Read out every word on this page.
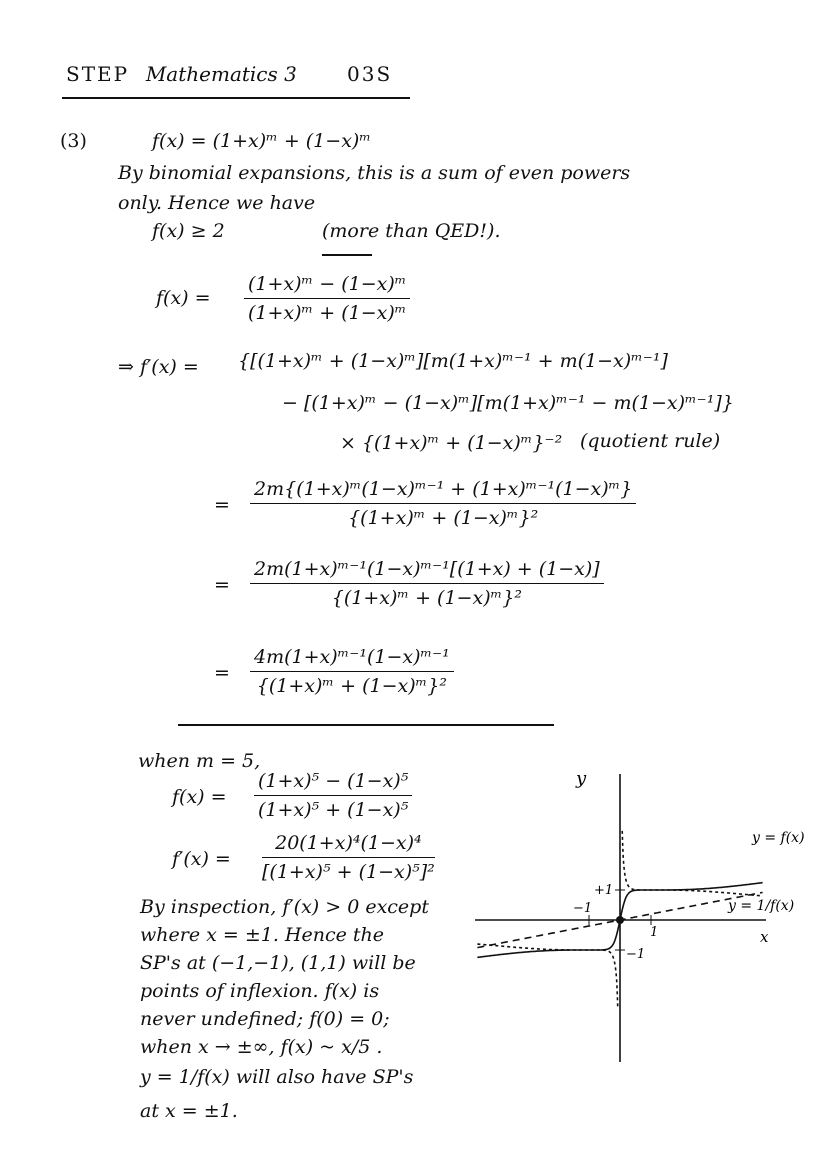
STEP Mathematics 3	03S
(3)	f(x) = (1+x)ᵐ + (1−x)ᵐ
By binomial expansions, this is a sum of even powers
only. Hence we have
f(x) ≥ 2	(more than QED!).
$f(x) = \frac{\text{(1+x)ᵐ − (1−x)ᵐ}}{\text{(1+x)ᵐ + (1−x)ᵐ}}$
⇒ f′(x) = {[(1+x)ᵐ + (1−x)ᵐ][m(1+x)ᵐ⁻¹ + m(1−x)ᵐ⁻¹]
− [(1+x)ᵐ − (1−x)ᵐ][m(1+x)ᵐ⁻¹ − m(1−x)ᵐ⁻¹]}
× {(1+x)ᵐ + (1−x)ᵐ}⁻² (quotient rule)
= $\frac{\text{2m\{(1+x)ᵐ(1−x)ᵐ⁻¹ + (1+x)ᵐ⁻¹(1−x)ᵐ\}}}{\text{\{(1+x)ᵐ + (1−x)ᵐ\}²}}$
= $\frac{\text{2m(1+x)ᵐ⁻¹(1−x)ᵐ⁻¹[(1+x) + (1−x)]}}{\text{\{(1+x)ᵐ + (1−x)ᵐ\}²}}$
= $\frac{\text{4m(1+x)ᵐ⁻¹(1−x)ᵐ⁻¹}}{\text{\{(1+x)ᵐ + (1−x)ᵐ\}²}}$
when m = 5,
$f(x) = \frac{\text{(1+x)⁵ − (1−x)⁵}}{\text{(1+x)⁵ + (1−x)⁵}}$
$f'(x) = \frac{\text{20(1+x)⁴(1−x)⁴}}{\text{[(1+x)⁵ + (1−x)⁵]²}}$
By inspection, f′(x) > 0 except
where x = ±1. Hence the
SP's at (−1,−1), (1,1) will be
points of inflexion. f(x) is
never undefined; f(0) = 0;
when x → ±∞, f(x) ~ x/5 .
y = 1/f(x) will also have SP's
at x = ±1.
y
x
y = f(x)
y = 1/f(x)
+1
−1
1
−1
